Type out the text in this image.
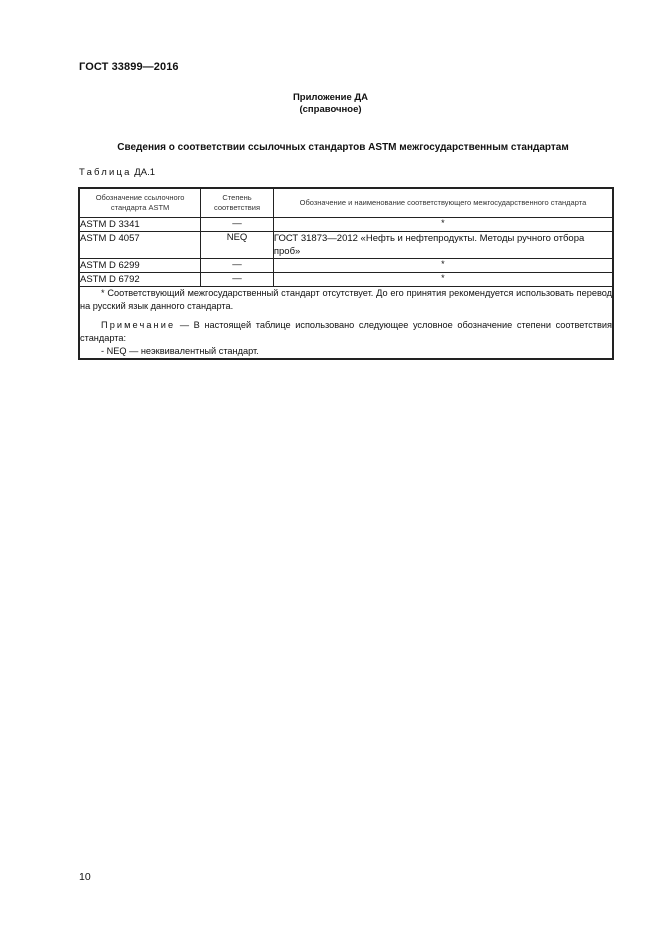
ГОСТ 33899—2016
Приложение ДА
(справочное)
Сведения о соответствии ссылочных стандартов ASTM межгосударственным стандартам
Таблица ДА.1
Обозначение ссылочного стандарта ASTM	Степень соответствия	Обозначение и наименование соответствующего межгосударственного стандарта
ASTM D 3341	—	*
ASTM D 4057	NEQ	ГОСТ 31873—2012 «Нефть и нефтепродукты. Методы ручного отбора проб»
ASTM D 6299	—	*
ASTM D 6792	—	*

* Соответствующий межгосударственный стандарт отсутствует. До его принятия рекомендуется использовать перевод на русский язык данного стандарта.

Примечание — В настоящей таблице использовано следующее условное обозначение степени соответствия стандарта:

- NEQ — неэквивалентный стандарт.		

10
